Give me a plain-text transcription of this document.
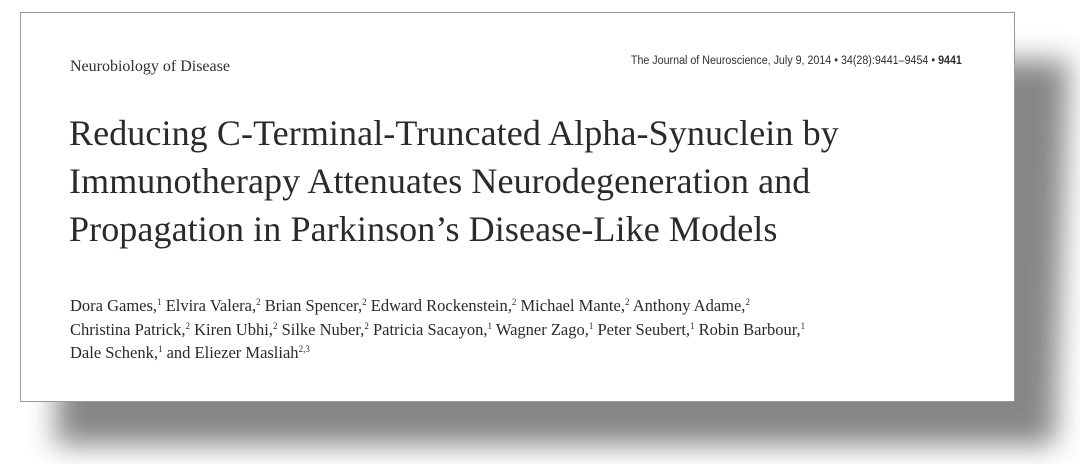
Neurobiology of Disease	The Journal of Neuroscience, July 9, 2014 • 34(28):9441–9454 • 9441
Reducing C-Terminal-Truncated Alpha-Synuclein by
Immunotherapy Attenuates Neurodegeneration and
Propagation in Parkinson’s Disease-Like Models
Dora Games,$^1$ Elvira Valera,$^2$ Brian Spencer,$^2$ Edward Rockenstein,$^2$ Michael Mante,$^2$ Anthony Adame,$^2$
Christina Patrick,$^2$ Kiren Ubhi,$^2$ Silke Nuber,$^2$ Patricia Sacayon,$^1$ Wagner Zago,$^1$ Peter Seubert,$^1$ Robin Barbour,$^1$
Dale Schenk,$^1$ and Eliezer Masliah$^{2,3}$
